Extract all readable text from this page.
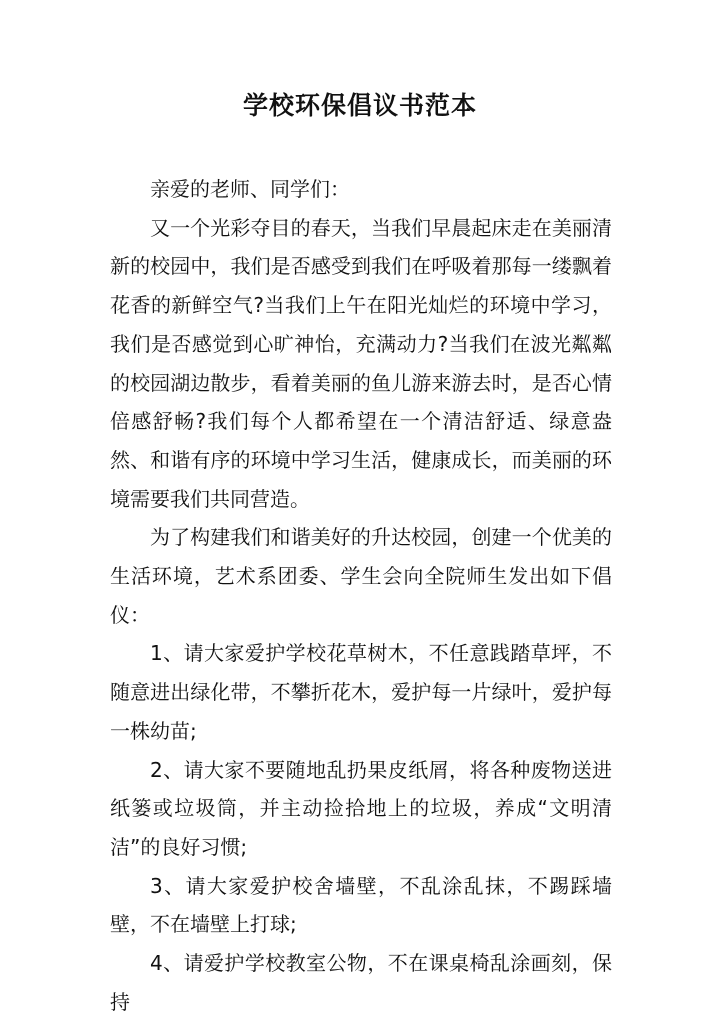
学校环保倡议书范本

亲爱的老师、同学们：

又一个光彩夺目的春天，当我们早晨起床走在美丽清新的校园中，我们是否感受到我们在呼吸着那每一缕飘着花香的新鲜空气?当我们上午在阳光灿烂的环境中学习，我们是否感觉到心旷神怡，充满动力?当我们在波光粼粼的校园湖边散步，看着美丽的鱼儿游来游去时，是否心情倍感舒畅?我们每个人都希望在一个清洁舒适、绿意盎然、和谐有序的环境中学习生活，健康成长，而美丽的环境需要我们共同营造。

为了构建我们和谐美好的升达校园，创建一个优美的生活环境，艺术系团委、学生会向全院师生发出如下倡仪：

1、请大家爱护学校花草树木，不任意践踏草坪，不随意进出绿化带，不攀折花木，爱护每一片绿叶，爱护每一株幼苗;

2、请大家不要随地乱扔果皮纸屑，将各种废物送进纸篓或垃圾筒，并主动捡拾地上的垃圾，养成“文明清洁”的良好习惯;

3、请大家爱护校舍墙壁，不乱涂乱抹，不踢踩墙壁，不在墙壁上打球;

4、请爱护学校教室公物，不在课桌椅乱涂画刻，保持
